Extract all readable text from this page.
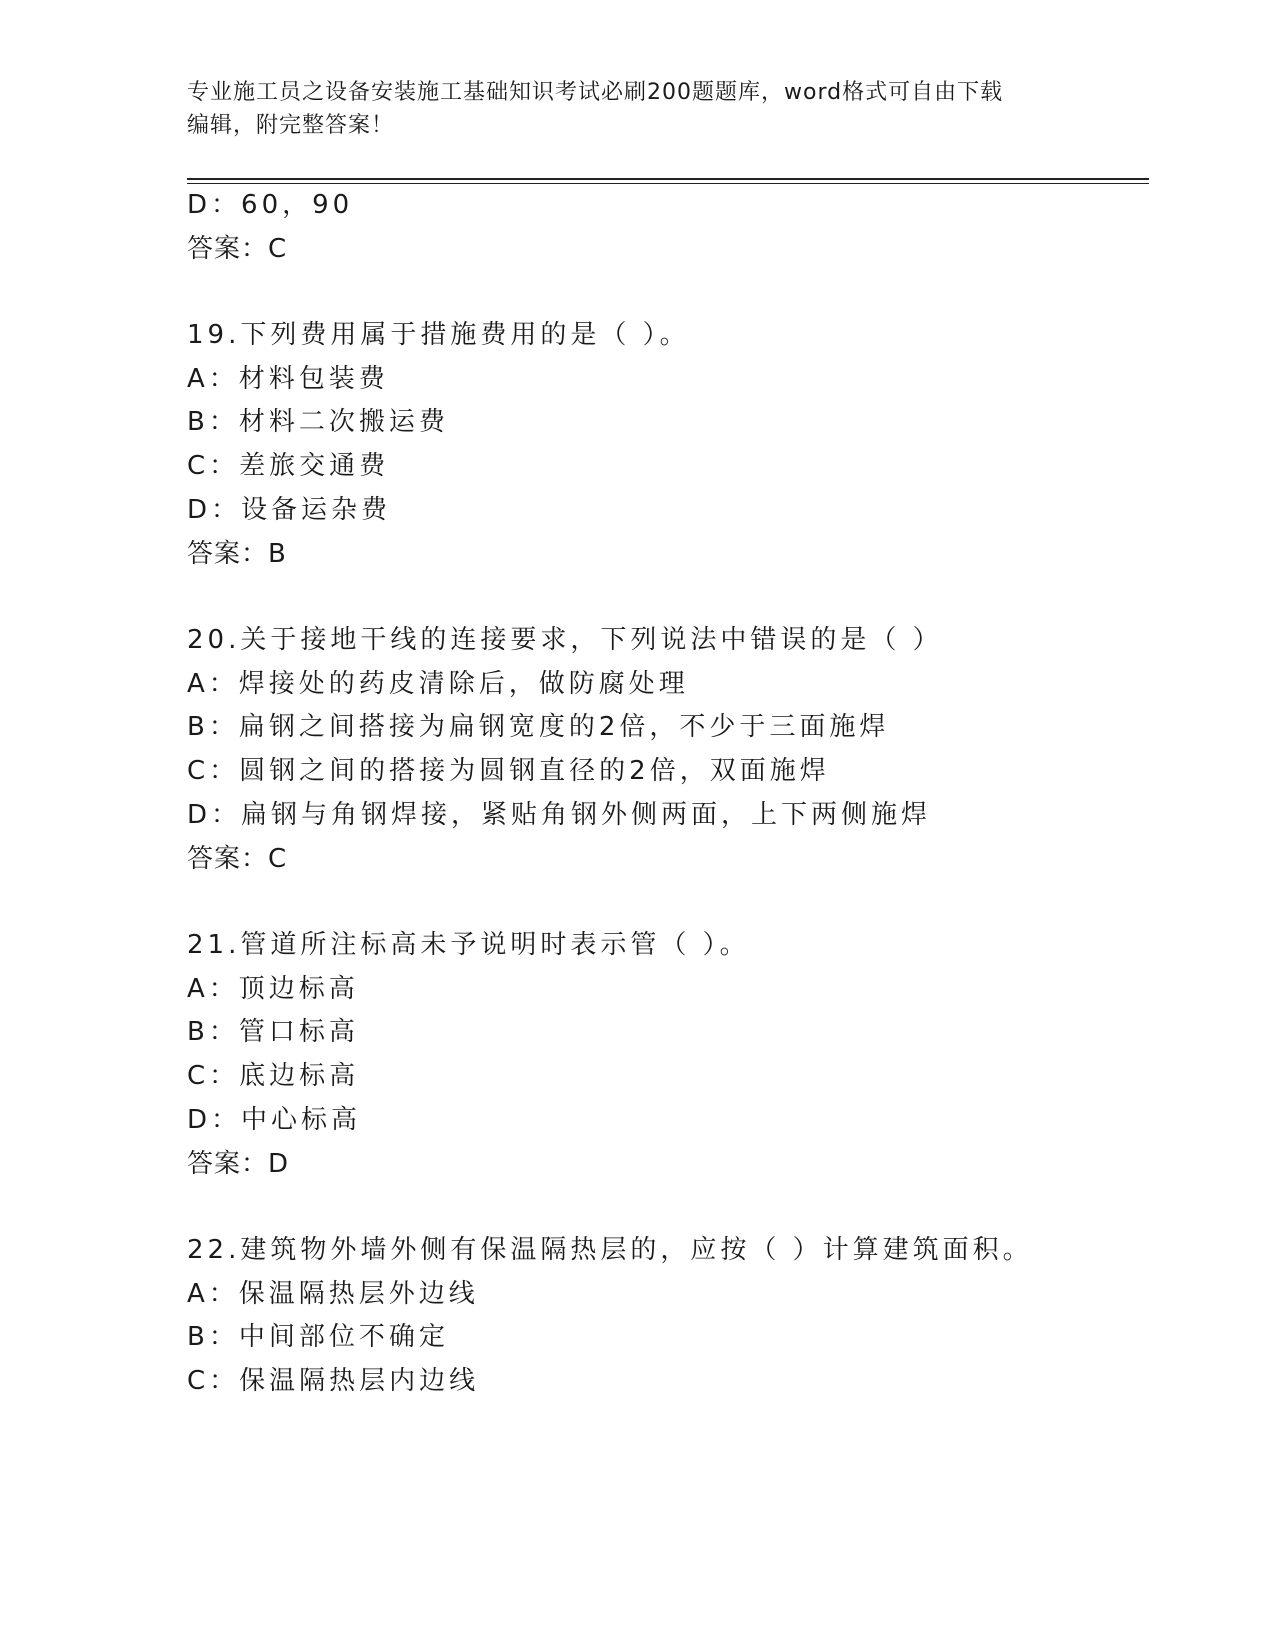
专业施工员之设备安装施工基础知识考试必刷200题题库，word格式可自由下载
编辑，附完整答案！
D：60，90
答案：C
19.下列费用属于措施费用的是（ ）。
A：材料包装费
B：材料二次搬运费
C：差旅交通费
D：设备运杂费
答案：B
20.关于接地干线的连接要求，下列说法中错误的是（ ）
A：焊接处的药皮清除后，做防腐处理
B：扁钢之间搭接为扁钢宽度的2倍，不少于三面施焊
C：圆钢之间的搭接为圆钢直径的2倍，双面施焊
D：扁钢与角钢焊接，紧贴角钢外侧两面，上下两侧施焊
答案：C
21.管道所注标高未予说明时表示管（ ）。
A：顶边标高
B：管口标高
C：底边标高
D：中心标高
答案：D
22.建筑物外墙外侧有保温隔热层的，应按（ ）计算建筑面积。
A：保温隔热层外边线
B：中间部位不确定
C：保温隔热层内边线
